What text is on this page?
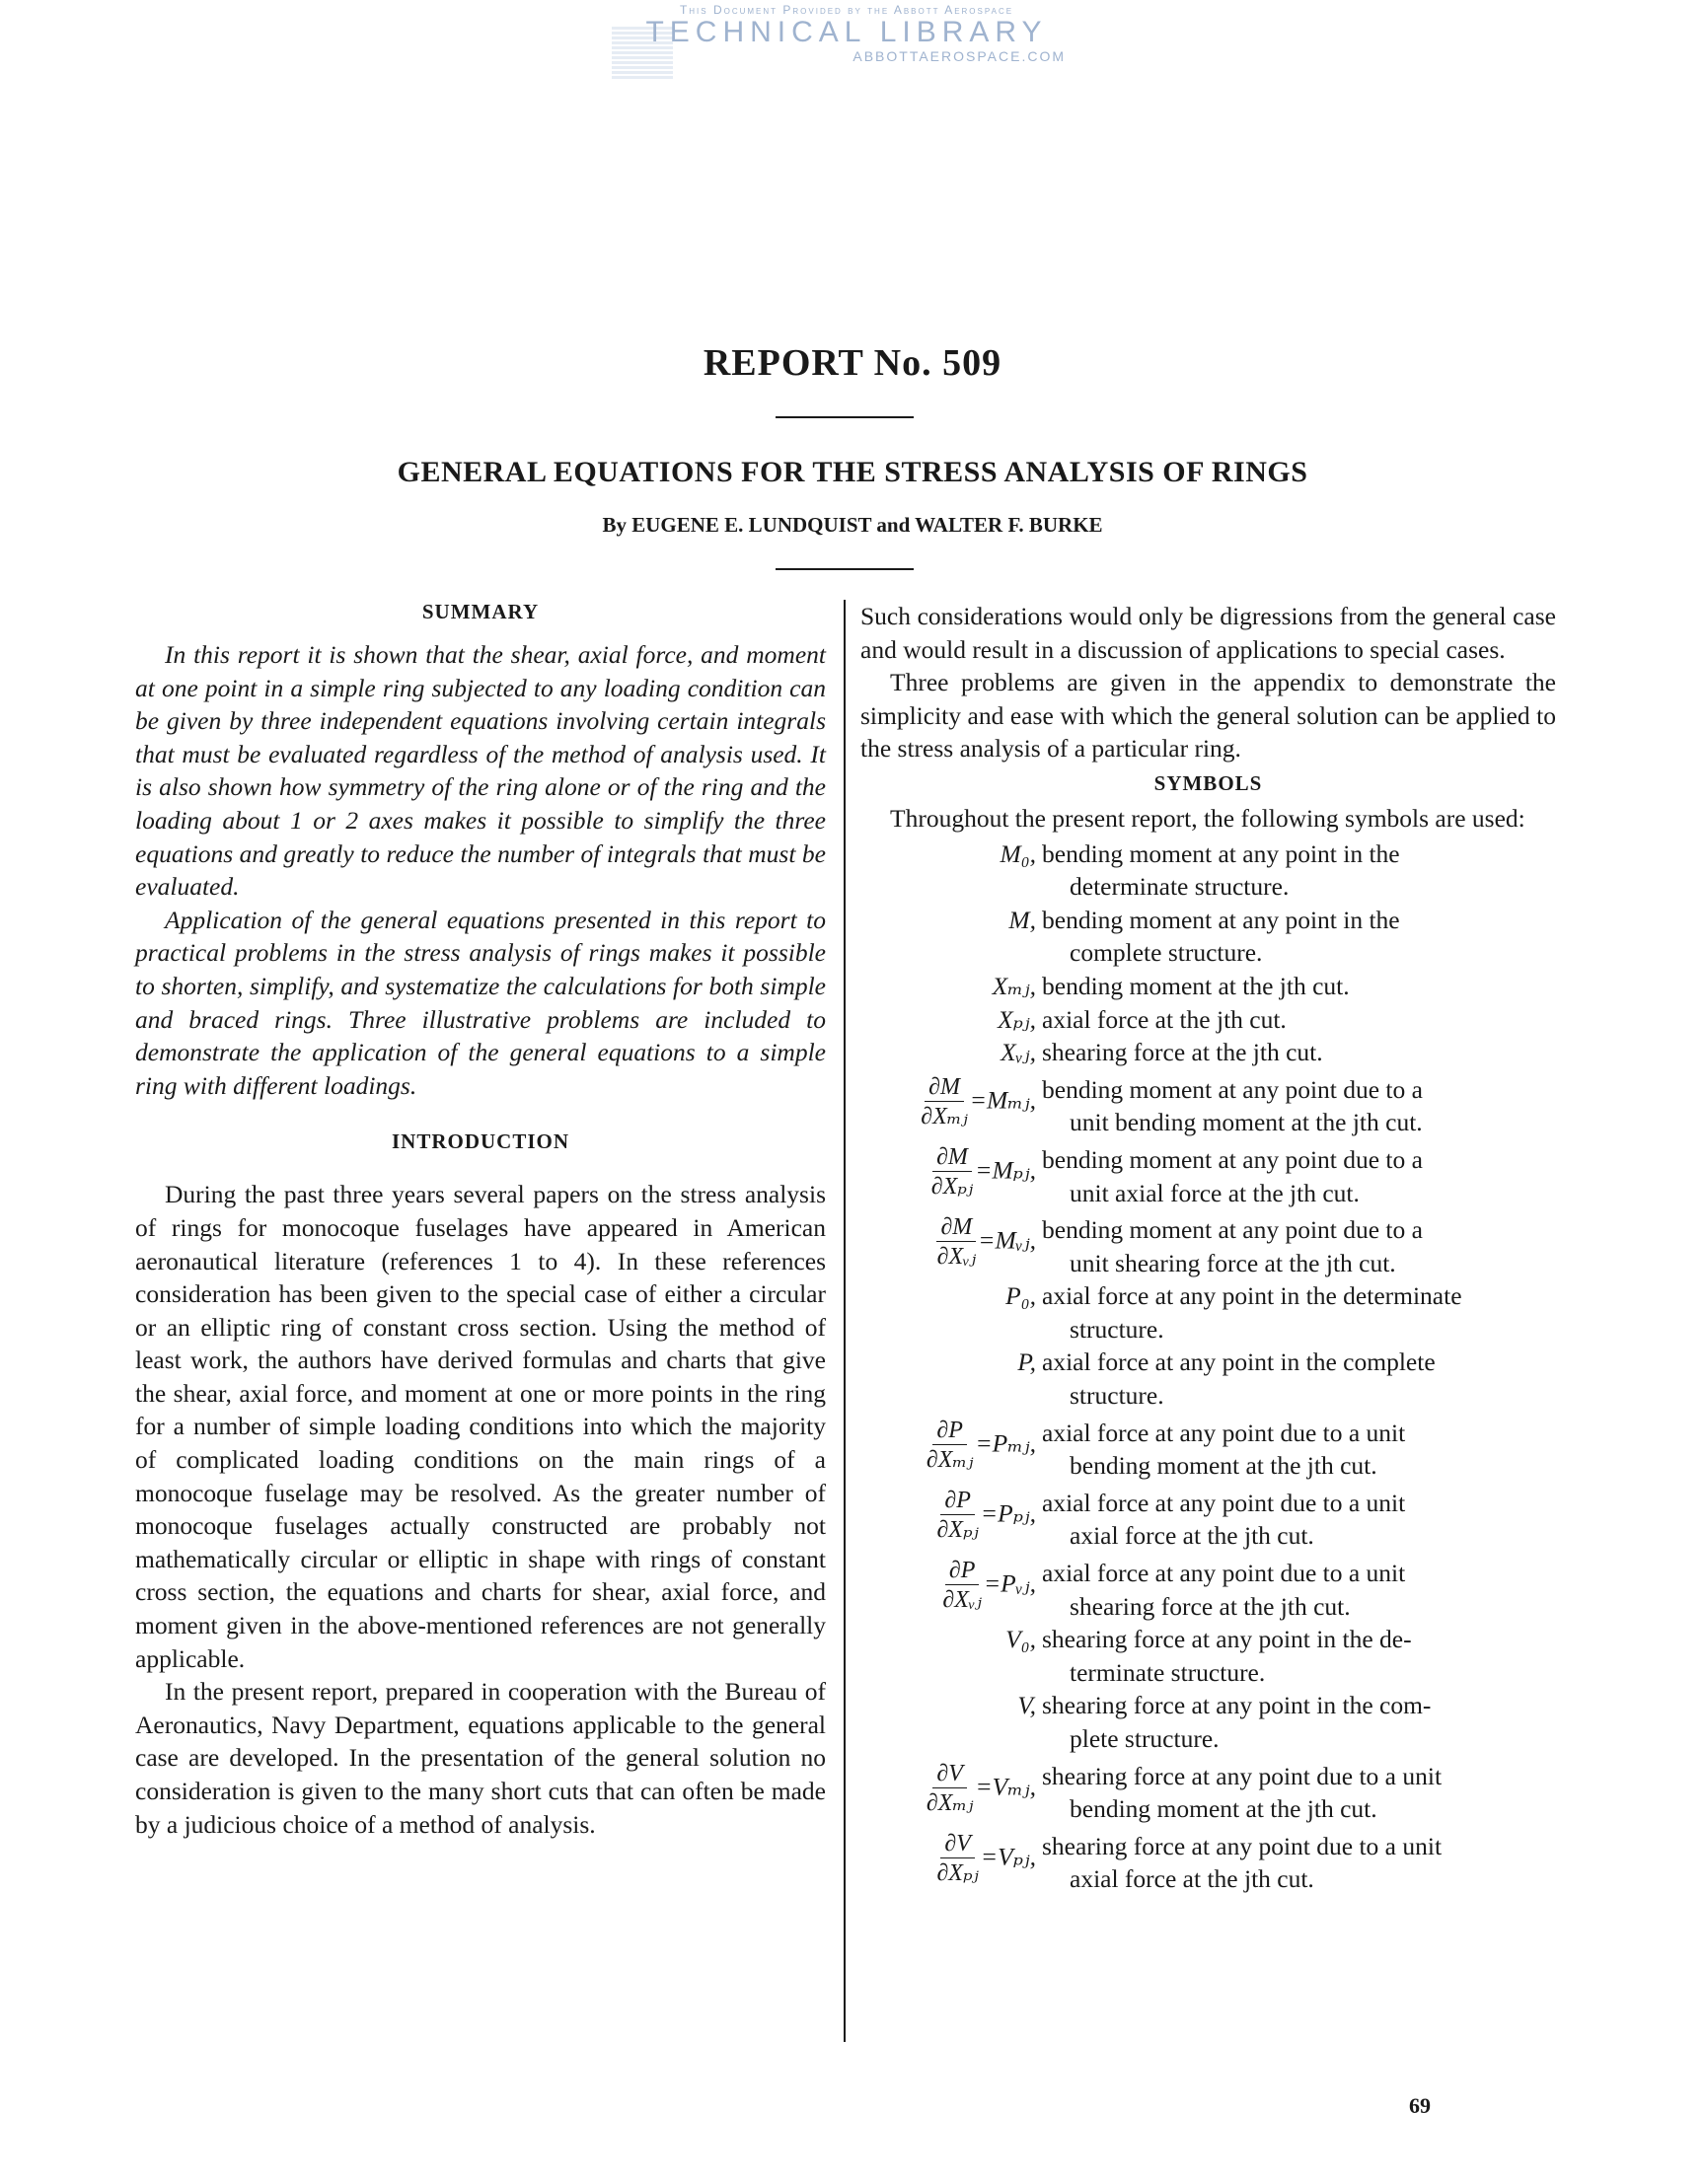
This Document Provided by the Abbott Aerospace
TECHNICAL LIBRARY
ABBOTTAEROSPACE.COM
REPORT No. 509
GENERAL EQUATIONS FOR THE STRESS ANALYSIS OF RINGS
By EUGENE E. LUNDQUIST and WALTER F. BURKE
SUMMARY

In this report it is shown that the shear, axial force, and moment at one point in a simple ring subjected to any loading condition can be given by three independent equations involving certain integrals that must be evaluated regardless of the method of analysis used. It is also shown how symmetry of the ring alone or of the ring and the loading about 1 or 2 axes makes it possible to simplify the three equations and greatly to reduce the number of integrals that must be evaluated.

Application of the general equations presented in this report to practical problems in the stress analysis of rings makes it possible to shorten, simplify, and systematize the calculations for both simple and braced rings. Three illustrative problems are included to demonstrate the application of the general equations to a simple ring with different loadings.

INTRODUCTION

During the past three years several papers on the stress analysis of rings for monocoque fuselages have appeared in American aeronautical literature (references 1 to 4). In these references consideration has been given to the special case of either a circular or an elliptic ring of constant cross section. Using the method of least work, the authors have derived formulas and charts that give the shear, axial force, and moment at one or more points in the ring for a number of simple loading conditions into which the majority of complicated loading conditions on the main rings of a monocoque fuselage may be resolved. As the greater number of monocoque fuselages actually constructed are probably not mathematically circular or elliptic in shape with rings of constant cross section, the equations and charts for shear, axial force, and moment given in the above-mentioned references are not generally applicable.

In the present report, prepared in cooperation with the Bureau of Aeronautics, Navy Department, equations applicable to the general case are developed. In the presentation of the general solution no consideration is given to the many short cuts that can often be made by a judicious choice of a method of analysis.

Such considerations would only be digressions from the general case and would result in a discussion of applications to special cases.

Three problems are given in the appendix to demonstrate the simplicity and ease with which the general solution can be applied to the stress analysis of a particular ring.

SYMBOLS

Throughout the present report, the following symbols are used:

M₀, bending moment at any point in the
determinate structure.
M, bending moment at any point in the
complete structure.
Xₘⱼ, bending moment at the jth cut.
Xₚⱼ, axial force at the jth cut.
Xᵥⱼ, shearing force at the jth cut.
$\frac{\partial M}{\text{∂Xₘⱼ}}$ =Mₘⱼ, bending moment at any point due to a
unit bending moment at the jth cut.
$\frac{\partial M}{\text{∂Xₚⱼ}}$ =Mₚⱼ, bending moment at any point due to a
unit axial force at the jth cut.
$\frac{\partial M}{\text{∂Xᵥⱼ}}$ =Mᵥⱼ, bending moment at any point due to a
unit shearing force at the jth cut.
P₀, axial force at any point in the determinate
structure.
P, axial force at any point in the complete
structure.
$\frac{\partial P}{\text{∂Xₘⱼ}}$ =Pₘⱼ, axial force at any point due to a unit
bending moment at the jth cut.
$\frac{\partial P}{\text{∂Xₚⱼ}}$ =Pₚⱼ, axial force at any point due to a unit
axial force at the jth cut.
$\frac{\partial P}{\text{∂Xᵥⱼ}}$ =Pᵥⱼ, axial force at any point due to a unit
shearing force at the jth cut.
V₀, shearing force at any point in the de-
terminate structure.
V, shearing force at any point in the com-
plete structure.
$\frac{\partial V}{\text{∂Xₘⱼ}}$ =Vₘⱼ, shearing force at any point due to a unit
bending moment at the jth cut.
$\frac{\partial V}{\text{∂Xₚⱼ}}$ =Vₚⱼ, shearing force at any point due to a unit
axial force at the jth cut.
69
